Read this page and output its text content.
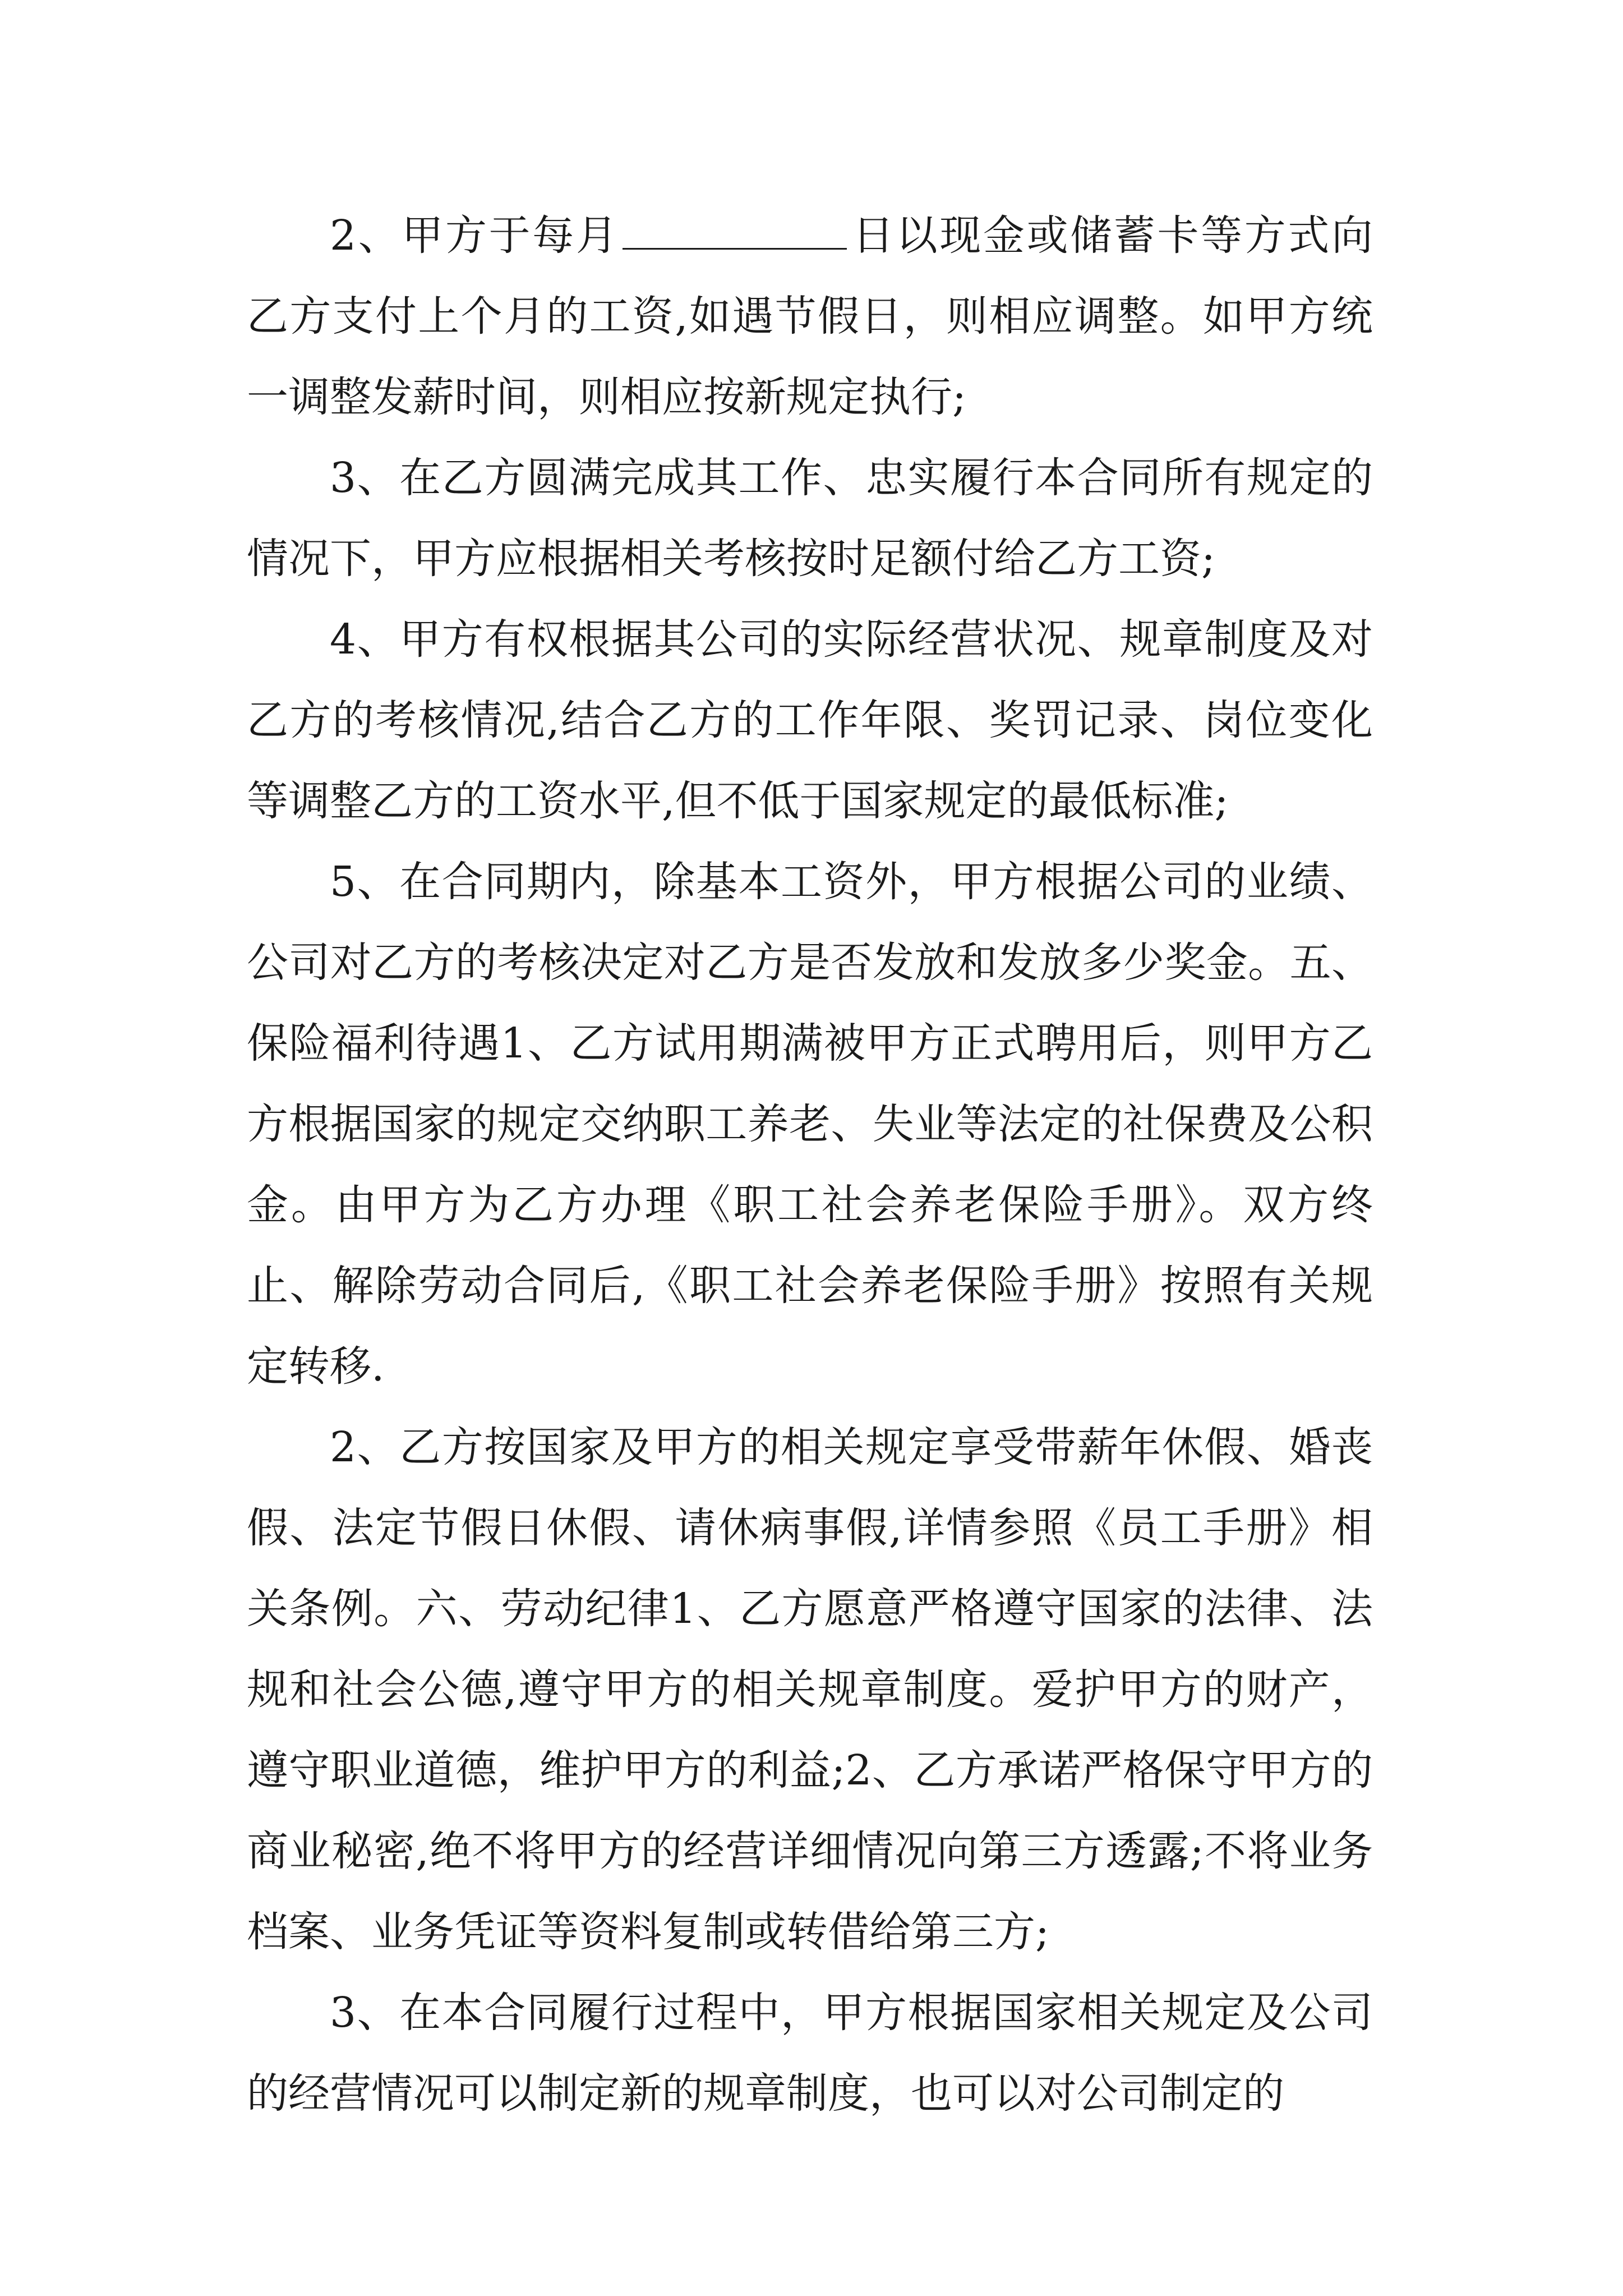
2、甲方于每月	日以现金或储蓄卡等方式向乙方支付上个月的工资,如遇节假日，则相应调整。如甲方统一调整发薪时间，则相应按新规定执行;

3、在乙方圆满完成其工作、忠实履行本合同所有规定的情况下，甲方应根据相关考核按时足额付给乙方工资;

4、甲方有权根据其公司的实际经营状况、规章制度及对乙方的考核情况,结合乙方的工作年限、奖罚记录、岗位变化等调整乙方的工资水平,但不低于国家规定的最低标准;

5、在合同期内，除基本工资外，甲方根据公司的业绩、公司对乙方的考核决定对乙方是否发放和发放多少奖金。五、保险福利待遇1、乙方试用期满被甲方正式聘用后，则甲方乙方根据国家的规定交纳职工养老、失业等法定的社保费及公积金。由甲方为乙方办理《职工社会养老保险手册》。双方终止、解除劳动合同后,《职工社会养老保险手册》按照有关规定转移.

2、乙方按国家及甲方的相关规定享受带薪年休假、婚丧假、法定节假日休假、请休病事假,详情参照《员工手册》相关条例。六、劳动纪律1、乙方愿意严格遵守国家的法律、法规和社会公德,遵守甲方的相关规章制度。爱护甲方的财产，遵守职业道德，维护甲方的利益;2、乙方承诺严格保守甲方的商业秘密,绝不将甲方的经营详细情况向第三方透露;不将业务档案、业务凭证等资料复制或转借给第三方;

3、在本合同履行过程中，甲方根据国家相关规定及公司的经营情况可以制定新的规章制度，也可以对公司制定的
